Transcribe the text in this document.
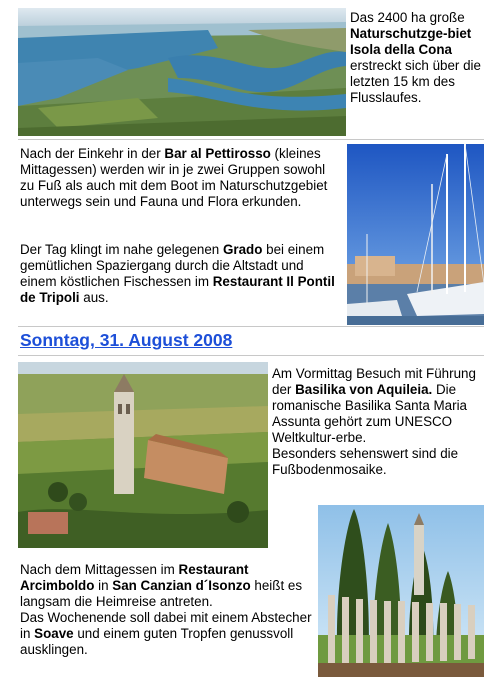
Das 2400 ha große Naturschutzge-biet Isola della Cona erstreckt sich über die letzten 15 km des Flusslaufes.
Nach der Einkehr in der Bar al Pettirosso (kleines Mittagessen) werden wir in je zwei Gruppen sowohl zu Fuß als auch mit dem Boot im Naturschutzgebiet unterwegs sein und Fauna und Flora erkunden.
Der Tag klingt im nahe gelegenen Grado bei einem gemütlichen Spaziergang durch die Altstadt und einem köstlichen Fischessen im Restaurant Il Pontil de Tripoli aus.
Sonntag, 31. August 2008
Am Vormittag Besuch mit Führung der Basilika von Aquileia. Die romanische Basilika Santa Maria Assunta gehört zum UNESCO Weltkultur-erbe.
Besonders sehenswert sind die Fußbodenmosaike.
Nach dem Mittagessen im Restaurant Arcimboldo in San Canzian d´Isonzo heißt es langsam die Heimreise antreten.
Das Wochenende soll dabei mit einem Abstecher in Soave und einem guten Tropfen genussvoll ausklingen.
